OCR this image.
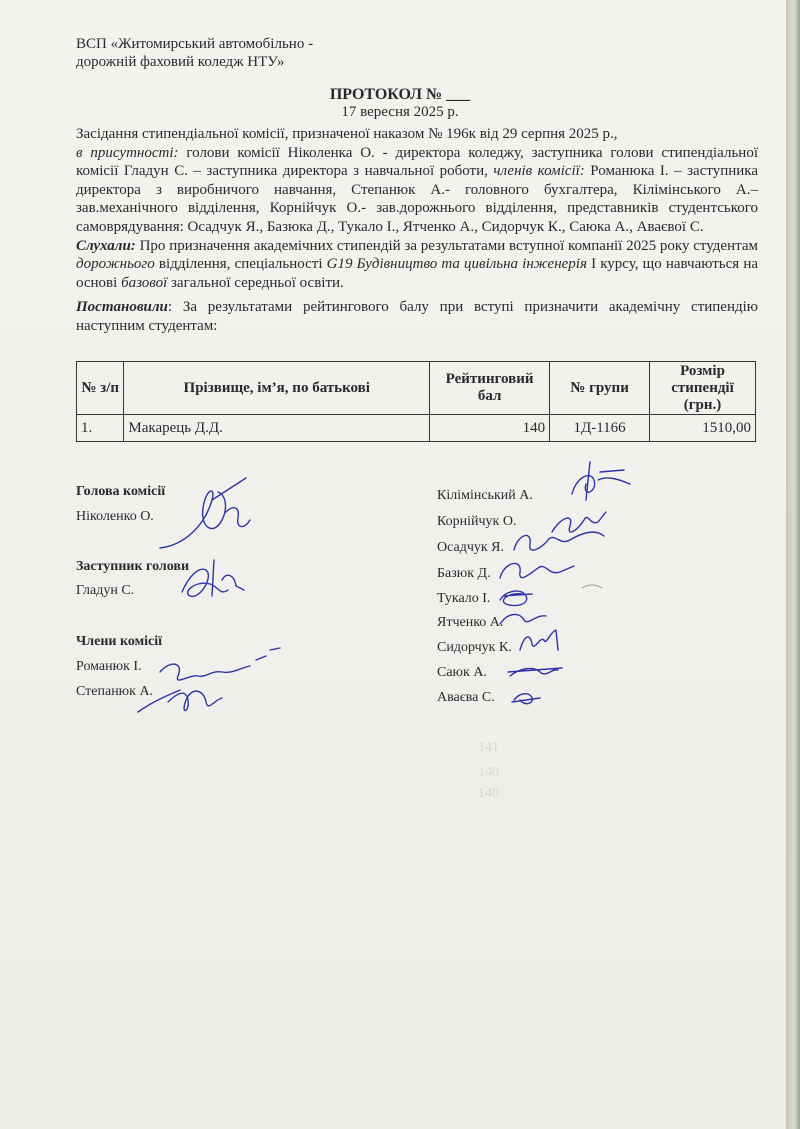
141
140
140
ВСП «Житомирський автомобільно -
дорожній фаховий коледж НТУ»
ПРОТОКОЛ № ___
17 вересня 2025 р.

Засідання стипендіальної комісії, призначеної наказом № 196к від 29 серпня 2025 р.,

в присутності: голови комісії Ніколенка О. - директора коледжу, заступника голови стипендіальної комісії Гладун С. – заступника директора з навчальної роботи, членів комісії: Романюка І. – заступника директора з виробничого навчання, Степанюк А.- головного бухгалтера, Кілімінського А.– зав.механічного відділення, Корнійчук О.- зав.дорожнього відділення, представників студентського самоврядування: Осадчук Я., Базюка Д., Тукало І., Ятченко А., Сидорчук К., Саюка А., Аваєвої С.

Слухали: Про призначення академічних стипендій за результатами вступної компанії 2025 року студентам дорожнього відділення, спеціальності G19 Будівництво та цивільна інженерія І курсу, що навчаються на основі базової загальної середньої освіти.

Постановили: За результатами рейтингового балу при вступі призначити академічну стипендію наступним студентам:

№ з/п	Прізвище, ім’я, по батькові	Рейтинговий бал	№ групи	Розмір стипендії (грн.)
1.	Макарець Д.Д.	140	1Д-1166	1510,00
Голова комісії
Ніколенко О.
Заступник голови
Гладун С.
Члени комісії
Романюк І.
Степанюк А.
Кілімінський А.
Корнійчук О.
Осадчук Я.
Базюк Д.
Тукало І.
Ятченко А.
Сидорчук К.
Саюк А.
Аваєва С.
